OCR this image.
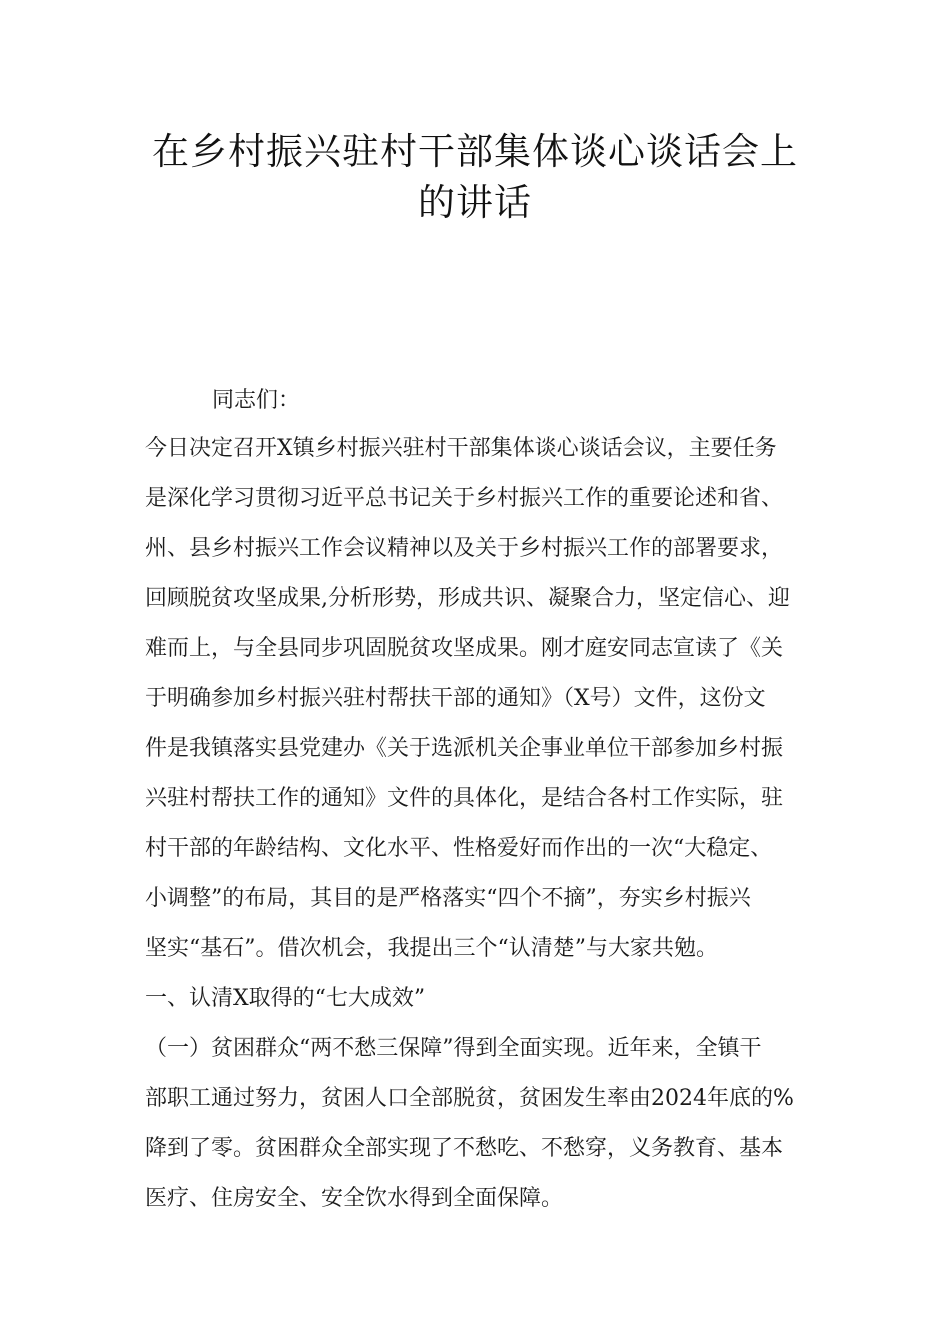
在乡村振兴驻村干部集体谈心谈话会上
的讲话
同志们：
今日决定召开X镇乡村振兴驻村干部集体谈心谈话会议，主要任务
是深化学习贯彻习近平总书记关于乡村振兴工作的重要论述和省、
州、县乡村振兴工作会议精神以及关于乡村振兴工作的部署要求，
回顾脱贫攻坚成果,分析形势，形成共识、凝聚合力，坚定信心、迎
难而上，与全县同步巩固脱贫攻坚成果。刚才庭安同志宣读了《关
于明确参加乡村振兴驻村帮扶干部的通知》（X号）文件，这份文
件是我镇落实县党建办《关于选派机关企事业单位干部参加乡村振
兴驻村帮扶工作的通知》文件的具体化，是结合各村工作实际，驻
村干部的年龄结构、文化水平、性格爱好而作出的一次“大稳定、
小调整”的布局，其目的是严格落实“四个不摘”，夯实乡村振兴
坚实“基石”。借次机会，我提出三个“认清楚”与大家共勉。
一、认清X取得的“七大成效”
（一）贫困群众“两不愁三保障”得到全面实现。近年来，全镇干
部职工通过努力，贫困人口全部脱贫，贫困发生率由2024年底的%
降到了零。贫困群众全部实现了不愁吃、不愁穿，义务教育、基本
医疗、住房安全、安全饮水得到全面保障。
